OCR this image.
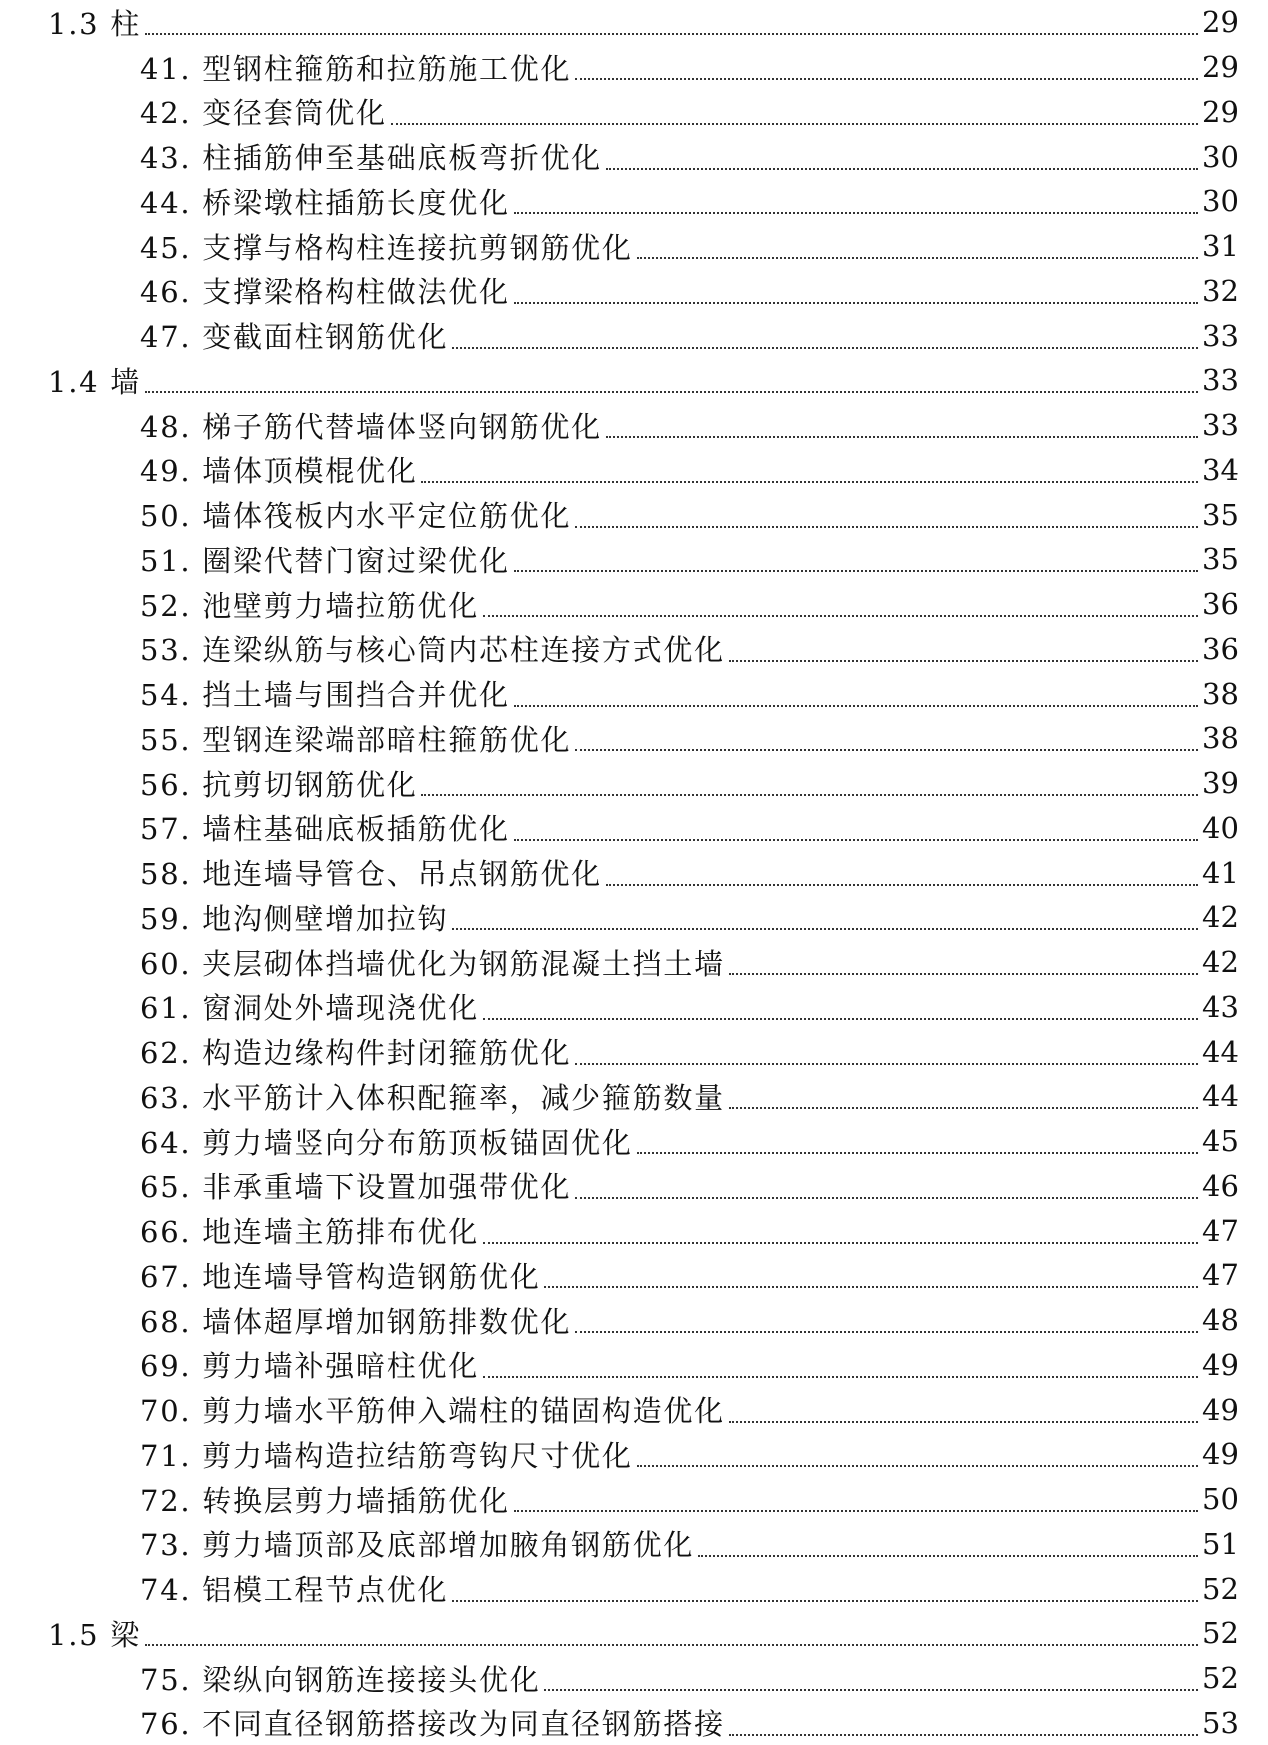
1.3 柱	29
41. 型钢柱箍筋和拉筋施工优化	29
42. 变径套筒优化	29
43. 柱插筋伸至基础底板弯折优化	30
44. 桥梁墩柱插筋长度优化	30
45. 支撑与格构柱连接抗剪钢筋优化	31
46. 支撑梁格构柱做法优化	32
47. 变截面柱钢筋优化	33
1.4 墙	33
48. 梯子筋代替墙体竖向钢筋优化	33
49. 墙体顶模棍优化	34
50. 墙体筏板内水平定位筋优化	35
51. 圈梁代替门窗过梁优化	35
52. 池壁剪力墙拉筋优化	36
53. 连梁纵筋与核心筒内芯柱连接方式优化	36
54. 挡土墙与围挡合并优化	38
55. 型钢连梁端部暗柱箍筋优化	38
56. 抗剪切钢筋优化	39
57. 墙柱基础底板插筋优化	40
58. 地连墙导管仓、吊点钢筋优化	41
59. 地沟侧壁增加拉钩	42
60. 夹层砌体挡墙优化为钢筋混凝土挡土墙	42
61. 窗洞处外墙现浇优化	43
62. 构造边缘构件封闭箍筋优化	44
63. 水平筋计入体积配箍率，减少箍筋数量	44
64. 剪力墙竖向分布筋顶板锚固优化	45
65. 非承重墙下设置加强带优化	46
66. 地连墙主筋排布优化	47
67. 地连墙导管构造钢筋优化	47
68. 墙体超厚增加钢筋排数优化	48
69. 剪力墙补强暗柱优化	49
70. 剪力墙水平筋伸入端柱的锚固构造优化	49
71. 剪力墙构造拉结筋弯钩尺寸优化	49
72. 转换层剪力墙插筋优化	50
73. 剪力墙顶部及底部增加腋角钢筋优化	51
74. 铝模工程节点优化	52
1.5 梁	52
75. 梁纵向钢筋连接接头优化	52
76. 不同直径钢筋搭接改为同直径钢筋搭接	53
